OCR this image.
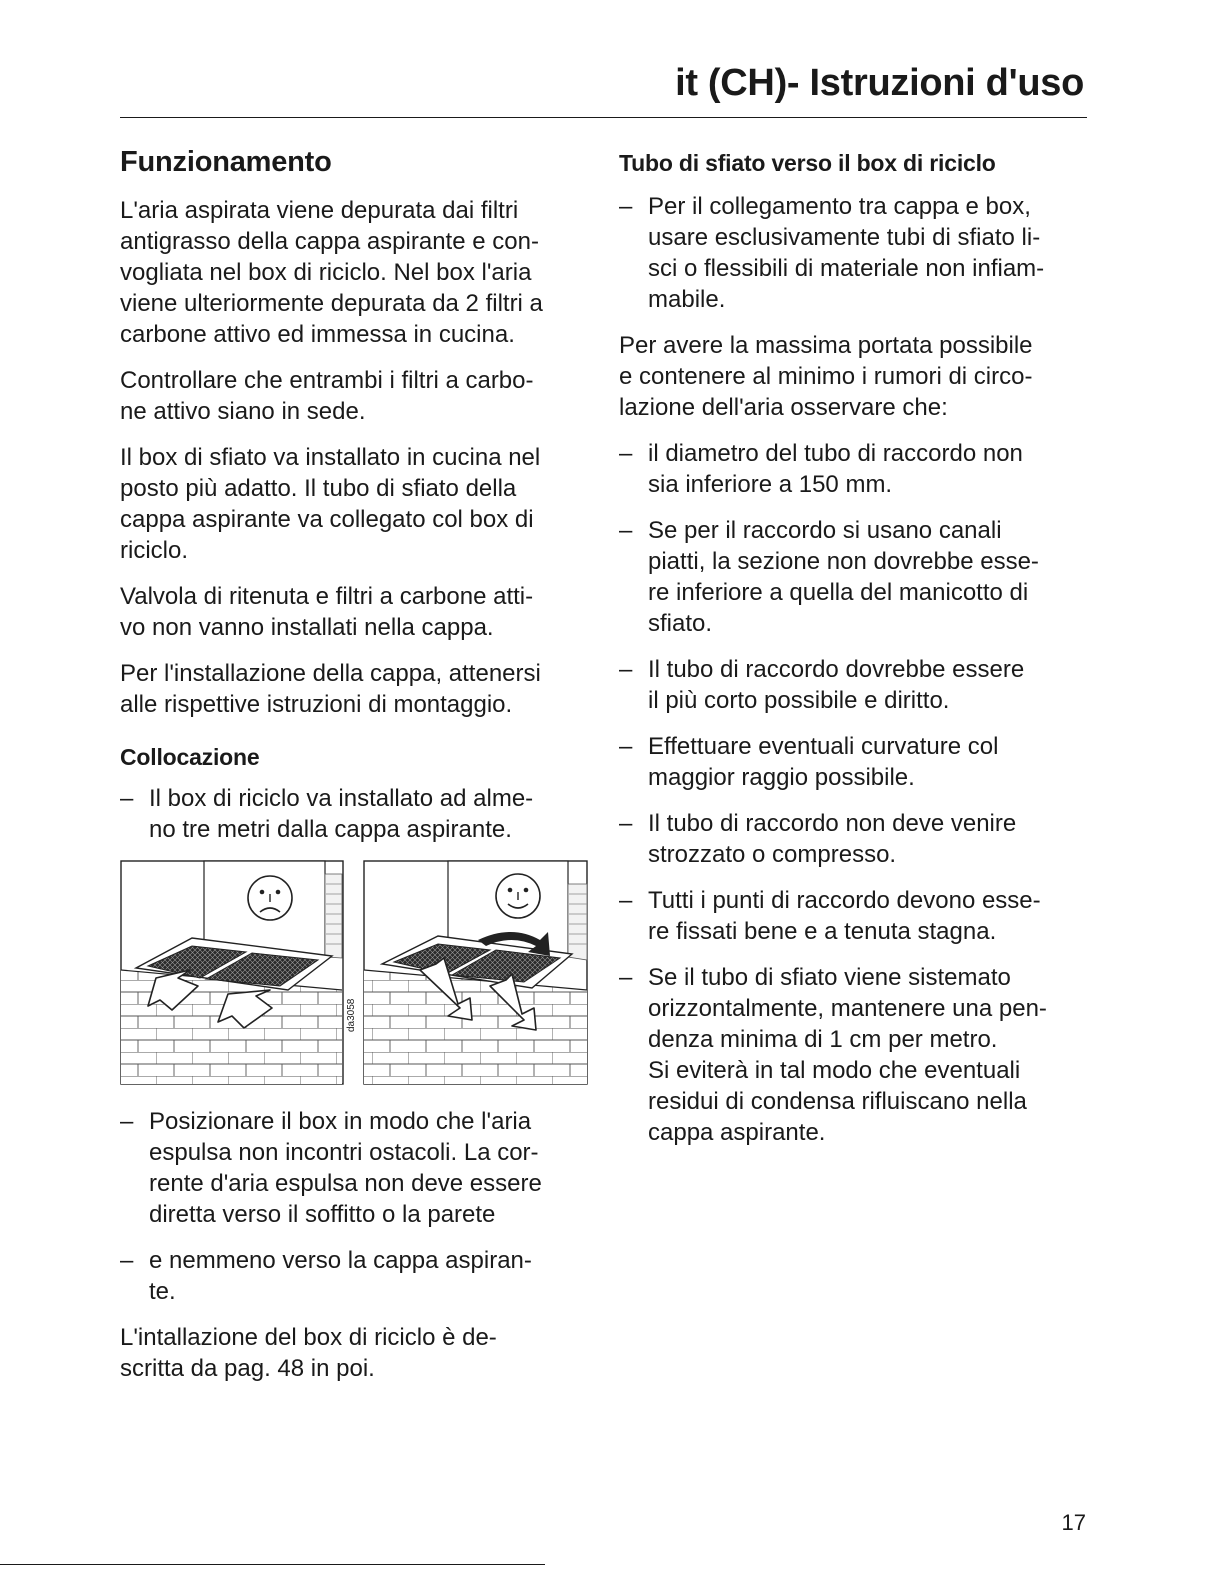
it (CH)- Istruzioni d'uso
Funzionamento

L'aria aspirata viene depurata dai filtri
antigrasso della cappa aspirante e con-
vogliata nel box di riciclo. Nel box l'aria
viene ulteriormente depurata da 2 filtri a
carbone attivo ed immessa in cucina.

Controllare che entrambi i filtri a carbo-
ne attivo siano in sede.

Il box di sfiato va installato in cucina nel
posto più adatto. Il tubo di sfiato della
cappa aspirante va collegato col box di
riciclo.

Valvola di ritenuta e filtri a carbone atti-
vo non vanno installati nella cappa.

Per l'installazione della cappa, attenersi
alle rispettive istruzioni di montaggio.

Collocazione
– Il box di riciclo va installato ad alme-
no tre metri dalla cappa aspirante.
da3058
– Posizionare il box in modo che l'aria
espulsa non incontri ostacoli. La cor-
rente d'aria espulsa non deve essere
diretta verso il soffitto o la parete
– e nemmeno verso la cappa aspiran-
te.

L'intallazione del box di riciclo è de-
scritta da pag. 48 in poi.

Tubo di sfiato verso il box di riciclo
– Per il collegamento tra cappa e box,
usare esclusivamente tubi di sfiato li-
sci o flessibili di materiale non infiam-
mabile.

Per avere la massima portata possibile
e contenere al minimo i rumori di circo-
lazione dell'aria osservare che:

– il diametro del tubo di raccordo non
sia inferiore a 150 mm.
– Se per il raccordo si usano canali
piatti, la sezione non dovrebbe esse-
re inferiore a quella del manicotto di
sfiato.
– Il tubo di raccordo dovrebbe essere
il più corto possibile e diritto.
– Effettuare eventuali curvature col
maggior raggio possibile.
– Il tubo di raccordo non deve venire
strozzato o compresso.
– Tutti i punti di raccordo devono esse-
re fissati bene e a tenuta stagna.
– Se il tubo di sfiato viene sistemato
orizzontalmente, mantenere una pen-
denza minima di 1 cm per metro.
Si eviterà in tal modo che eventuali
residui di condensa rifluiscano nella
cappa aspirante.

17
